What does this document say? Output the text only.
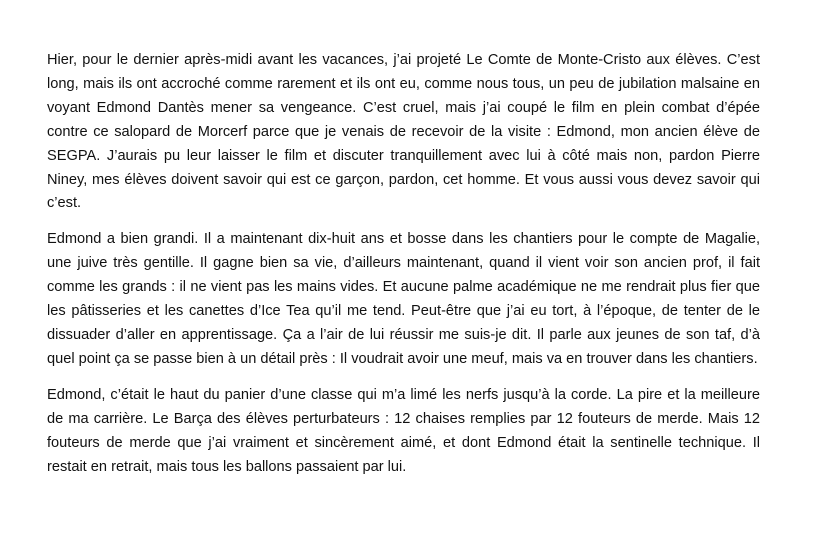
Hier, pour le dernier après-midi avant les vacances, j’ai projeté Le Comte de Monte-Cristo aux élèves. C’est long, mais ils ont accroché comme rarement et ils ont eu, comme nous tous, un peu de jubilation malsaine en voyant Edmond Dantès mener sa vengeance. C’est cruel, mais j’ai coupé le film en plein combat d’épée contre ce salopard de Morcerf parce que je venais de recevoir de la visite : Edmond, mon ancien élève de SEGPA. J’aurais pu leur laisser le film et discuter tranquillement avec lui à côté mais non, pardon Pierre Niney, mes élèves doivent savoir qui est ce garçon, pardon, cet homme. Et vous aussi vous devez savoir qui c’est.

Edmond a bien grandi. Il a maintenant dix-huit ans et bosse dans les chantiers pour le compte de Magalie, une juive très gentille. Il gagne bien sa vie, d’ailleurs maintenant, quand il vient voir son ancien prof, il fait comme les grands : il ne vient pas les mains vides. Et aucune palme académique ne me rendrait plus fier que les pâtisseries et les canettes d’Ice Tea qu’il me tend. Peut-être que j’ai eu tort, à l’époque, de tenter de le dissuader d’aller en apprentissage. Ça a l’air de lui réussir me suis-je dit. Il parle aux jeunes de son taf, d’à quel point ça se passe bien à un détail près : Il voudrait avoir une meuf, mais va en trouver dans les chantiers.

Edmond, c’était le haut du panier d’une classe qui m’a limé les nerfs jusqu’à la corde. La pire et la meilleure de ma carrière. Le Barça des élèves perturbateurs : 12 chaises remplies par 12 fouteurs de merde. Mais 12 fouteurs de merde que j’ai vraiment et sincèrement aimé, et dont Edmond était la sentinelle technique. Il restait en retrait, mais tous les ballons passaient par lui.
